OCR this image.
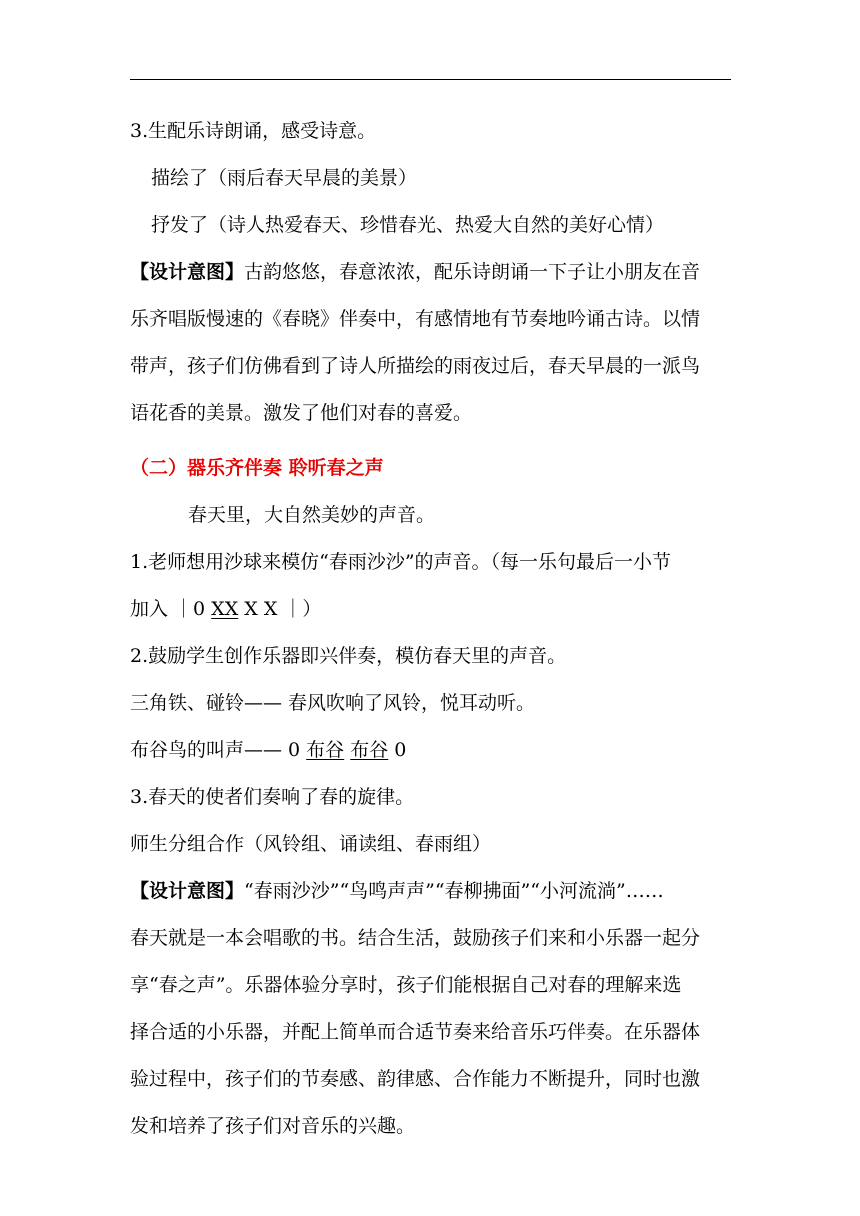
3.生配乐诗朗诵，感受诗意。
描绘了（雨后春天早晨的美景）
抒发了（诗人热爱春天、珍惜春光、热爱大自然的美好心情）
【设计意图】古韵悠悠，春意浓浓，配乐诗朗诵一下子让小朋友在音
乐齐唱版慢速的《春晓》伴奏中，有感情地有节奏地吟诵古诗。以情
带声，孩子们仿佛看到了诗人所描绘的雨夜过后，春天早晨的一派鸟
语花香的美景。激发了他们对春的喜爱。
（二）器乐齐伴奏 聆听春之声
春天里，大自然美妙的声音。
1.老师想用沙球来模仿“春雨沙沙”的声音。（每一乐句最后一小节
加入 ｜0 XX X X ｜）
2.鼓励学生创作乐器即兴伴奏，模仿春天里的声音。
三角铁、碰铃—— 春风吹响了风铃，悦耳动听。
布谷鸟的叫声—— 0 布谷 布谷 0
3.春天的使者们奏响了春的旋律。
师生分组合作（风铃组、诵读组、春雨组）
【设计意图】“春雨沙沙”“鸟鸣声声”“春柳拂面”“小河流淌”……
春天就是一本会唱歌的书。结合生活，鼓励孩子们来和小乐器一起分
享“春之声”。乐器体验分享时，孩子们能根据自己对春的理解来选
择合适的小乐器，并配上简单而合适节奏来给音乐巧伴奏。在乐器体
验过程中，孩子们的节奏感、韵律感、合作能力不断提升，同时也激
发和培养了孩子们对音乐的兴趣。
